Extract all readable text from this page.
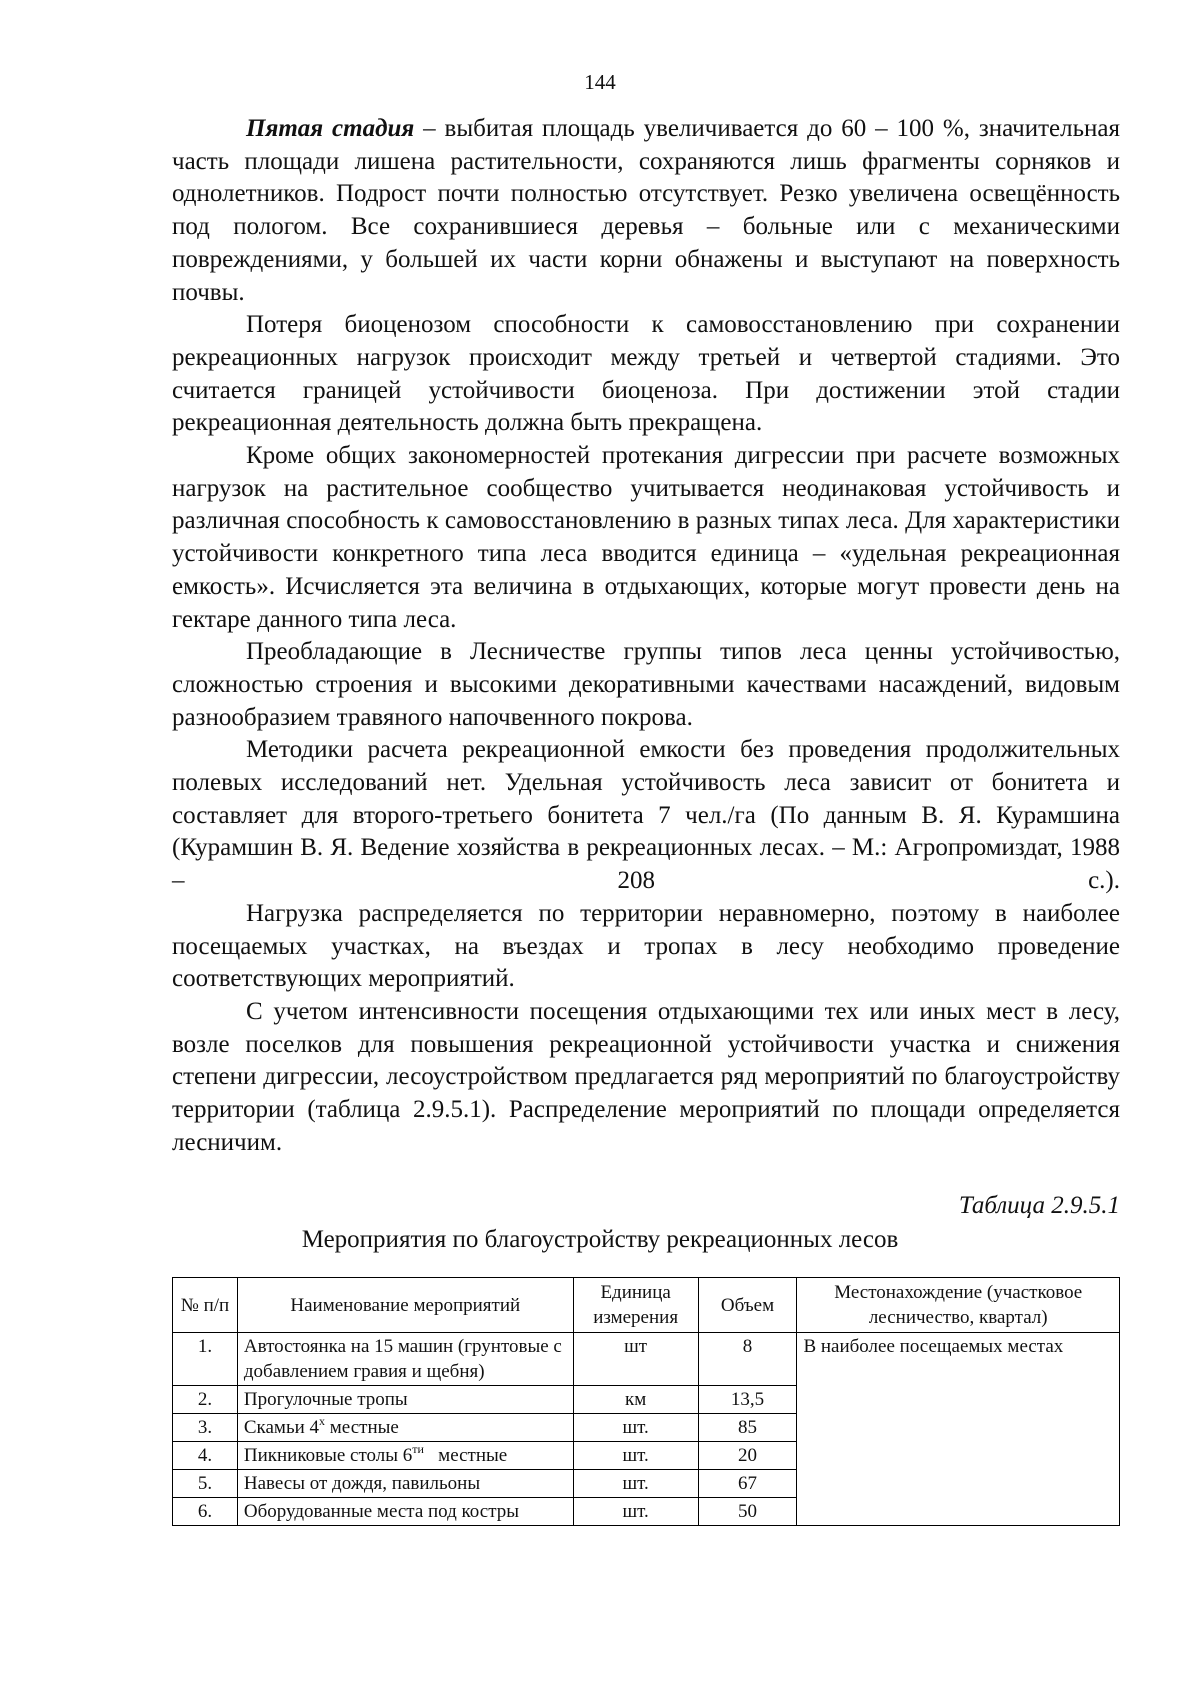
144

Пятая стадия – выбитая площадь увеличивается до 60 – 100 %, значительная часть площади лишена растительности, сохраняются лишь фрагменты сорняков и однолетников. Подрост почти полностью отсутствует. Резко увеличена освещённость под пологом. Все сохранившиеся деревья – больные или с механическими повреждениями, у большей их части корни обнажены и выступают на поверхность почвы.

Потеря биоценозом способности к самовосстановлению при сохранении рекреационных нагрузок происходит между третьей и четвертой стадиями. Это считается границей устойчивости биоценоза. При достижении этой стадии рекреационная деятельность должна быть прекращена.

Кроме общих закономерностей протекания дигрессии при расчете возможных нагрузок на растительное сообщество учитывается неодинаковая устойчивость и различная способность к самовосстановлению в разных типах леса. Для характеристики устойчивости конкретного типа леса вводится единица – «удельная рекреационная емкость». Исчисляется эта величина в отдыхающих, которые могут провести день на гектаре данного типа леса.

Преобладающие в Лесничестве группы типов леса ценны устойчивостью, сложностью строения и высокими декоративными качествами насаждений, видовым разнообразием травяного напочвенного покрова.

Методики расчета рекреационной емкости без проведения продолжительных полевых исследований нет. Удельная устойчивость леса зависит от бонитета и составляет для второго-третьего бонитета 7 чел./га (По данным В. Я. Курамшина (Курамшин В. Я. Ведение хозяйства в рекреационных лесах. – М.: Агропромиздат, 1988 – 208 с.).

Нагрузка распределяется по территории неравномерно, поэтому в наиболее посещаемых участках, на въездах и тропах в лесу необходимо проведение соответствующих мероприятий.

С учетом интенсивности посещения отдыхающими тех или иных мест в лесу, возле поселков для повышения рекреационной устойчивости участка и снижения степени дигрессии, лесоустройством предлагается ряд мероприятий по благоустройству территории (таблица 2.9.5.1). Распределение мероприятий по площади определяется лесничим.

Таблица 2.9.5.1
Мероприятия по благоустройству рекреационных лесов
№ п/п	Наименование мероприятий	Единица измерения	Объем	Местонахождение (участковое лесничество, квартал)
1.	Автостоянка на 15 машин (грунтовые с добавлением гравия и щебня)	шт	8	В наиболее посещаемых местах
2.	Прогулочные тропы	км	13,5	
3.	Скамьи $4^х$ местные	шт.	85	
4.	Пикниковые столы $6^{ти}$   местные	шт.	20	
5.	Навесы от дождя, павильоны	шт.	67	
6.	Оборудованные места под костры	шт.	50	
